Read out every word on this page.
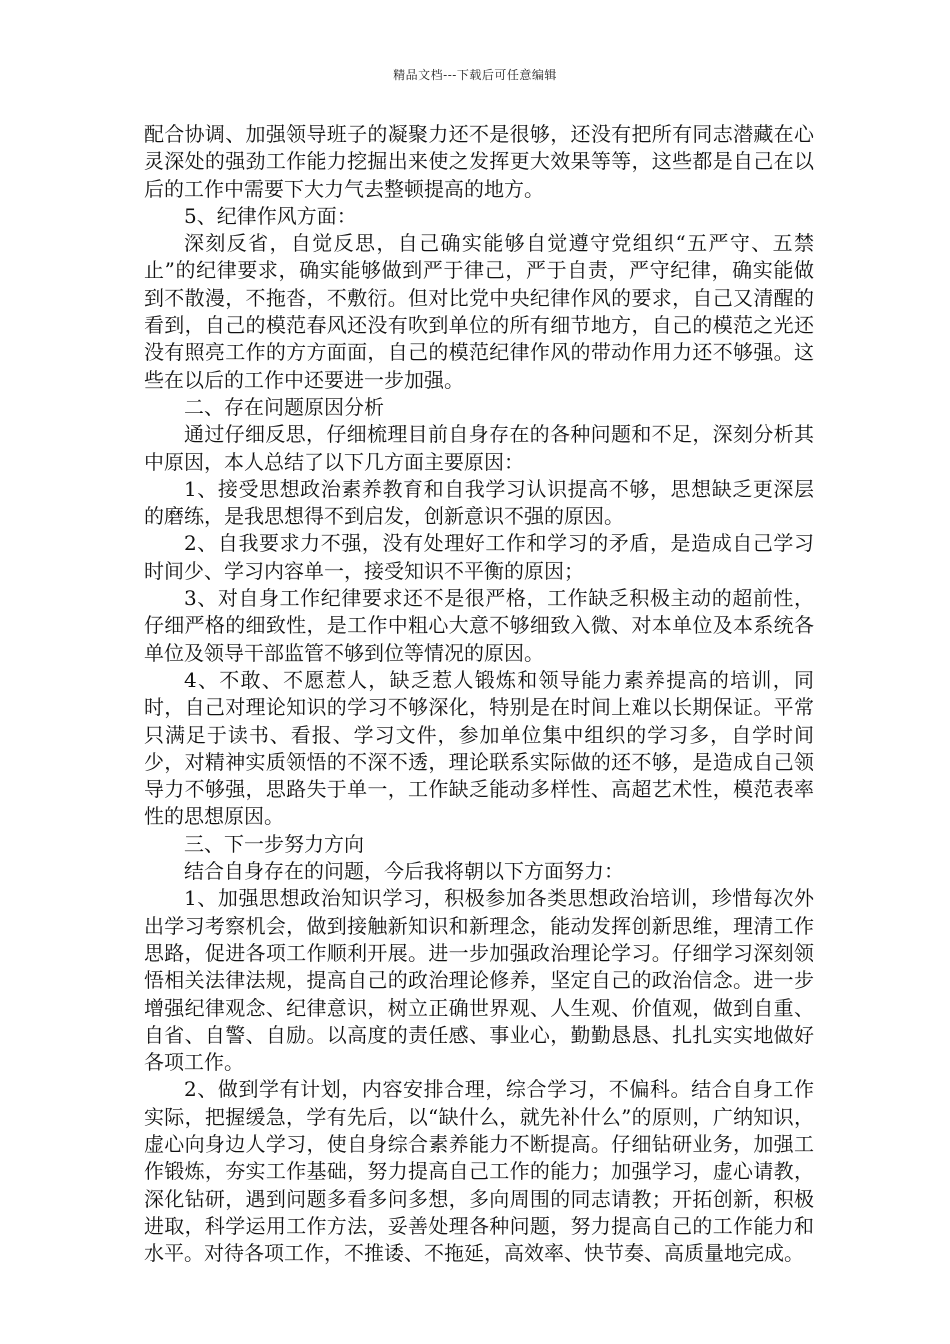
精品文档---下载后可任意编辑

配合协调、加强领导班子的凝聚力还不是很够，还没有把所有同志潜藏在心灵深处的强劲工作能力挖掘出来使之发挥更大效果等等，这些都是自己在以后的工作中需要下大力气去整顿提高的地方。

5、纪律作风方面：

深刻反省，自觉反思，自己确实能够自觉遵守党组织“五严守、五禁止”的纪律要求，确实能够做到严于律己，严于自责，严守纪律，确实能做到不散漫，不拖沓，不敷衍。但对比党中央纪律作风的要求，自己又清醒的看到，自己的模范春风还没有吹到单位的所有细节地方，自己的模范之光还没有照亮工作的方方面面，自己的模范纪律作风的带动作用力还不够强。这些在以后的工作中还要进一步加强。

二、存在问题原因分析

通过仔细反思，仔细梳理目前自身存在的各种问题和不足，深刻分析其中原因，本人总结了以下几方面主要原因：

1、接受思想政治素养教育和自我学习认识提高不够，思想缺乏更深层的磨练，是我思想得不到启发，创新意识不强的原因。

2、自我要求力不强，没有处理好工作和学习的矛盾，是造成自己学习时间少、学习内容单一，接受知识不平衡的原因；

3、对自身工作纪律要求还不是很严格，工作缺乏积极主动的超前性，仔细严格的细致性，是工作中粗心大意不够细致入微、对本单位及本系统各单位及领导干部监管不够到位等情况的原因。

4、不敢、不愿惹人，缺乏惹人锻炼和领导能力素养提高的培训，同时，自己对理论知识的学习不够深化，特别是在时间上难以长期保证。平常只满足于读书、看报、学习文件，参加单位集中组织的学习多，自学时间少，对精神实质领悟的不深不透，理论联系实际做的还不够，是造成自己领导力不够强，思路失于单一，工作缺乏能动多样性、高超艺术性，模范表率性的思想原因。

三、下一步努力方向

结合自身存在的问题，今后我将朝以下方面努力：

1、加强思想政治知识学习，积极参加各类思想政治培训，珍惜每次外出学习考察机会，做到接触新知识和新理念，能动发挥创新思维，理清工作思路，促进各项工作顺利开展。进一步加强政治理论学习。仔细学习深刻领悟相关法律法规，提高自己的政治理论修养，坚定自己的政治信念。进一步增强纪律观念、纪律意识，树立正确世界观、人生观、价值观，做到自重、自省、自警、自励。以高度的责任感、事业心，勤勤恳恳、扎扎实实地做好各项工作。

2、做到学有计划，内容安排合理，综合学习，不偏科。结合自身工作实际，把握缓急，学有先后，以“缺什么，就先补什么”的原则，广纳知识，虚心向身边人学习，使自身综合素养能力不断提高。仔细钻研业务，加强工作锻炼，夯实工作基础，努力提高自己工作的能力；加强学习，虚心请教，深化钻研，遇到问题多看多问多想，多向周围的同志请教；开拓创新，积极进取，科学运用工作方法，妥善处理各种问题，努力提高自己的工作能力和水平。对待各项工作，不推诿、不拖延，高效率、快节奏、高质量地完成。
